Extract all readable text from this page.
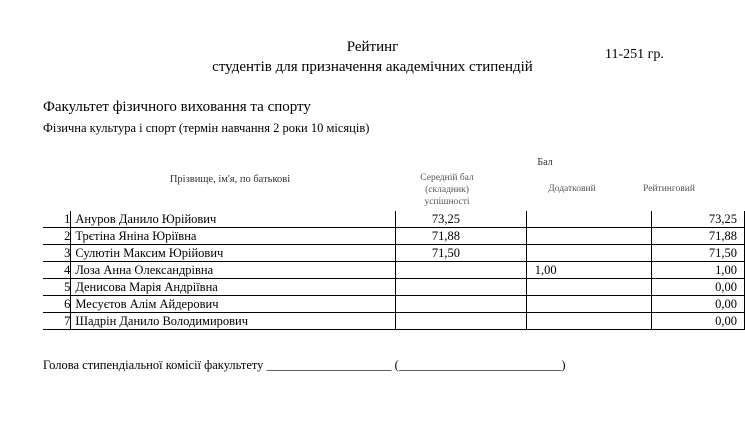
Рейтинг
студентів для призначення академічних стипендій
11-251 гр.
Факультет фізичного виховання та спорту
Фізична культура і спорт (термін навчання 2 роки 10 місяців)
Прізвище, ім'я, по батькові
Бал
Середній бал (складник) успішності
Додатковий	Рейтинговий
1	Ануров Данило Юрійович	73,25		73,25
2	Трєтіна Яніна Юріївна	71,88		71,88
3	Сулютін Максим Юрійович	71,50		71,50
4	Лоза Анна Олександрівна		1,00	1,00
5	Денисова Марія Андріївна			0,00
6	Месуєтов Алім Айдерович			0,00
7	Шадрін Данило Володимирович			0,00
Голова стипендіальної комісії факультету ____________________ (__________________________)
